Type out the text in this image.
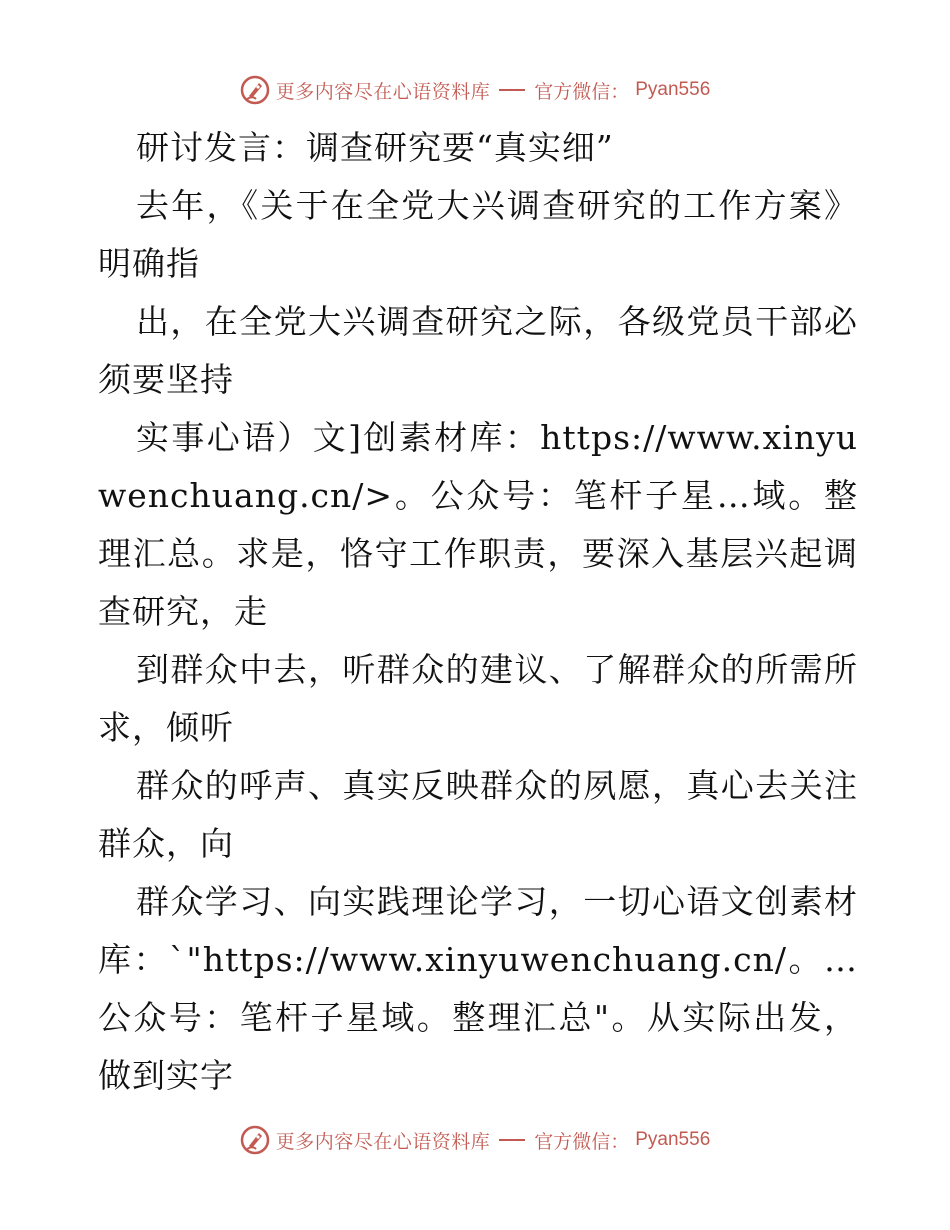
更多内容尽在心语资料库 官方微信： Pyan556

研讨发言：调查研究要“真实细”

去年，《关于在全党大兴调查研究的工作方案》明确指

出，在全党大兴调查研究之际，各级党员干部必须要坚持

实事心语）文]创素材库：https://www.xinyuwenchuang.cn/>。公众号：笔杆子星…域。整理汇总。求是，恪守工作职责，要深入基层兴起调查研究，走

到群众中去，听群众的建议、了解群众的所需所求，倾听

群众的呼声、真实反映群众的夙愿，真心去关注群众，向

群众学习、向实践理论学习，一切心语文创素材库：`"https://www.xinyuwenchuang.cn/。…公众号：笔杆子星域。整理汇总"。从实际出发，做到实字

更多内容尽在心语资料库 官方微信： Pyan556
